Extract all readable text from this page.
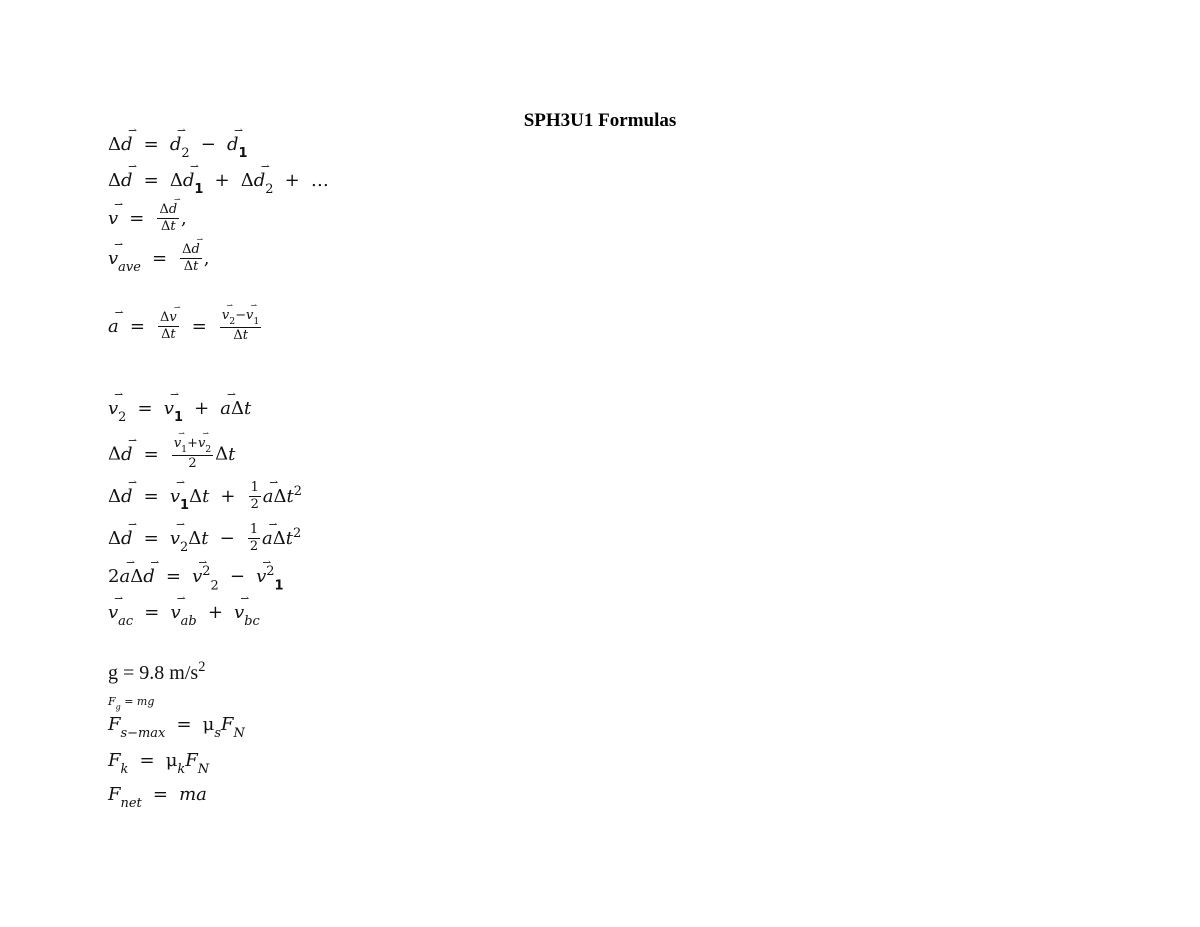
SPH3U1 Formulas
Δd ⇀ = d $⇀_2 - d$ $⇀_1$
Δd ⇀ = Δd $⇀_1 + \Delta d$ $⇀_2$ + …
v ⇀ = $\frac{\Delta d ⇀}{\Delta t}$ ,
v $⇀_{ave} = \frac{\Delta d ⇀}{\Delta t}$ ,
a ⇀ = $\frac{\Delta v ⇀}{\Delta t} = \frac{v ⇀_2-v ⇀_1}{\Delta t}$
v $⇀_2 = v$ $⇀_1 + a$ ⇀Δt
Δd ⇀ = $\frac{v ⇀_1+v ⇀_2}{2}$ Δt
Δd ⇀ = v $⇀_1\Delta t + \frac{1}{2}$ a $⇀\Delta t^2$
Δd ⇀ = v $⇀_2\Delta t - \frac{1}{2}$ a $⇀\Delta t^2$
2a ⇀Δd ⇀ = v ⇀$^2_2$ − v ⇀$^2_1$
v $⇀_{ac} = v$ $⇀_{ab} + v$ $⇀_{bc}$
g = 9.8 $m/s^2$
$F_g$ = mg
$F_{s-max} = \mu_sF_N$
$F_k = \mu_kF_N$
$F_{net}$ = ma
